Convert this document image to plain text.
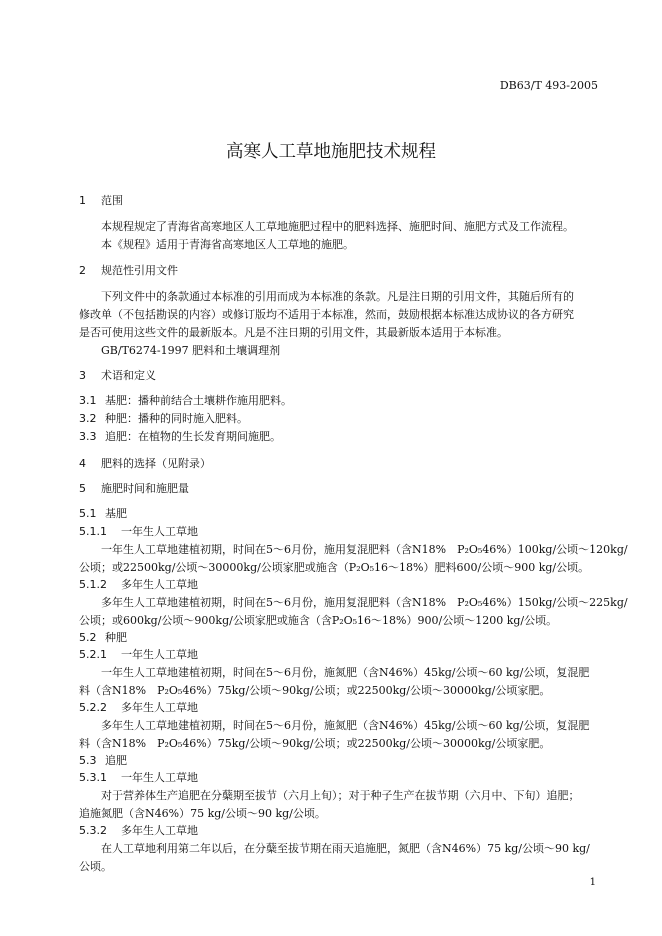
DB63/T 493-2005
高寒人工草地施肥技术规程
1 范围
本规程规定了青海省高寒地区人工草地施肥过程中的肥料选择、施肥时间、施肥方式及工作流程。
本《规程》适用于青海省高寒地区人工草地的施肥。
2 规范性引用文件
下列文件中的条款通过本标准的引用而成为本标准的条款。凡是注日期的引用文件，其随后所有的
修改单（不包括勘误的内容）或修订版均不适用于本标准，然而，鼓励根据本标准达成协议的各方研究
是否可使用这些文件的最新版本。凡是不注日期的引用文件，其最新版本适用于本标准。
GB/T6274-1997 肥料和土壤调理剂
3 术语和定义
3.1 基肥：播种前结合土壤耕作施用肥料。
3.2 种肥：播种的同时施入肥料。
3.3 追肥：在植物的生长发育期间施肥。
4 肥料的选择（见附录）
5 施肥时间和施肥量
5.1 基肥
5.1.1 一年生人工草地
一年生人工草地建植初期，时间在5～6月份，施用复混肥料（含N18%　P₂O₅46%）100kg/公顷～120kg/
公顷；或22500kg/公顷～30000kg/公顷家肥或施含（P₂O₅16～18%）肥料600/公顷～900 kg/公顷。
5.1.2 多年生人工草地
多年生人工草地建植初期，时间在5～6月份，施用复混肥料（含N18%　P₂O₅46%）150kg/公顷～225kg/
公顷；或600kg/公顷～900kg/公顷家肥或施含（含P₂O₅16～18%）900/公顷～1200 kg/公顷。
5.2 种肥
5.2.1 一年生人工草地
一年生人工草地建植初期，时间在5～6月份，施氮肥（含N46%）45kg/公顷～60 kg/公顷，复混肥
料（含N18%　P₂O₅46%）75kg/公顷～90kg/公顷；或22500kg/公顷～30000kg/公顷家肥。
5.2.2 多年生人工草地
多年生人工草地建植初期，时间在5～6月份，施氮肥（含N46%）45kg/公顷～60 kg/公顷，复混肥
料（含N18%　P₂O₅46%）75kg/公顷～90kg/公顷；或22500kg/公顷～30000kg/公顷家肥。
5.3 追肥
5.3.1 一年生人工草地
对于营养体生产追肥在分蘖期至拔节（六月上旬）；对于种子生产在拔节期（六月中、下旬）追肥；
追施氮肥（含N46%）75 kg/公顷～90 kg/公顷。
5.3.2 多年生人工草地
在人工草地利用第二年以后，在分蘖至拔节期在雨天追施肥，氮肥（含N46%）75 kg/公顷～90 kg/
公顷。
1
